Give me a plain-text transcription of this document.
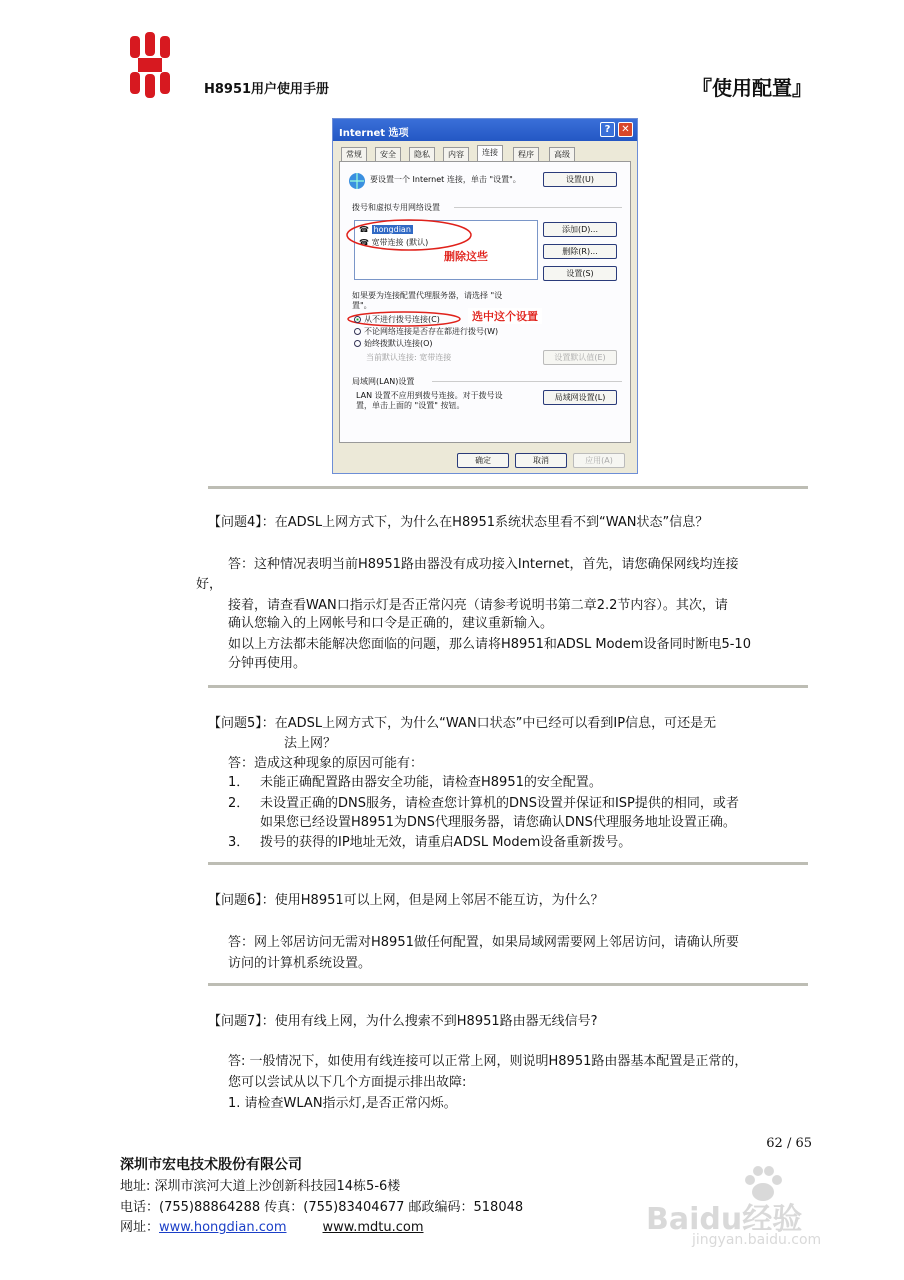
H8951用户使用手册	『使用配置』
Internet 选项	?	✕
常规	安全	隐私	内容	连接	程序	高级
要设置一个 Internet 连接，单击 "设置"。	设置(U)
拨号和虚拟专用网络设置
☎ hongdian
☎ 宽带连接 (默认)
删除这些
添加(D)...
删除(R)...
设置(S)
如果要为连接配置代理服务器，请选择 "设
置"。
从不进行拨号连接(C)	选中这个设置
不论网络连接是否存在都进行拨号(W)
始终拨默认连接(O)
当前默认连接: 宽带连接	设置默认值(E)
局域网(LAN)设置
LAN 设置不应用到拨号连接。对于拨号设
置，单击上面的 "设置" 按钮。
局域网设置(L)
确定	取消	应用(A)
【问题4】：在ADSL上网方式下，为什么在H8951系统状态里看不到“WAN状态”信息？
答：这种情况表明当前H8951路由器没有成功接入Internet，首先，请您确保网线均连接
好，
接着，请查看WAN口指示灯是否正常闪亮（请参考说明书第二章2.2节内容）。其次，请
确认您输入的上网帐号和口令是正确的，建议重新输入。
如以上方法都未能解决您面临的问题，那么请将H8951和ADSL Modem设备同时断电5-10
分钟再使用。
【问题5】：在ADSL上网方式下，为什么“WAN口状态”中已经可以看到IP信息，可还是无
法上网？
答：造成这种现象的原因可能有：
1． 未能正确配置路由器安全功能，请检查H8951的安全配置。
2． 未设置正确的DNS服务，请检查您计算机的DNS设置并保证和ISP提供的相同，或者
如果您已经设置H8951为DNS代理服务器，请您确认DNS代理服务地址设置正确。
3． 拨号的获得的IP地址无效，请重启ADSL Modem设备重新拨号。
【问题6】：使用H8951可以上网，但是网上邻居不能互访，为什么？
答：网上邻居访问无需对H8951做任何配置，如果局域网需要网上邻居访问，请确认所要
访问的计算机系统设置。
【问题7】：使用有线上网，为什么搜索不到H8951路由器无线信号?
答: 一般情况下，如使用有线连接可以正常上网，则说明H8951路由器基本配置是正常的，
您可以尝试从以下几个方面提示排出故障:
1. 请检查WLAN指示灯,是否正常闪烁。
62 / 65
深圳市宏电技术股份有限公司
地址: 深圳市滨河大道上沙创新科技园14栋5-6楼
电话：(755)88864288 传真：(755)83404677 邮政编码：518048
网址：www.hongdian.com	www.mdtu.com	Baidu经验
jingyan.baidu.com
